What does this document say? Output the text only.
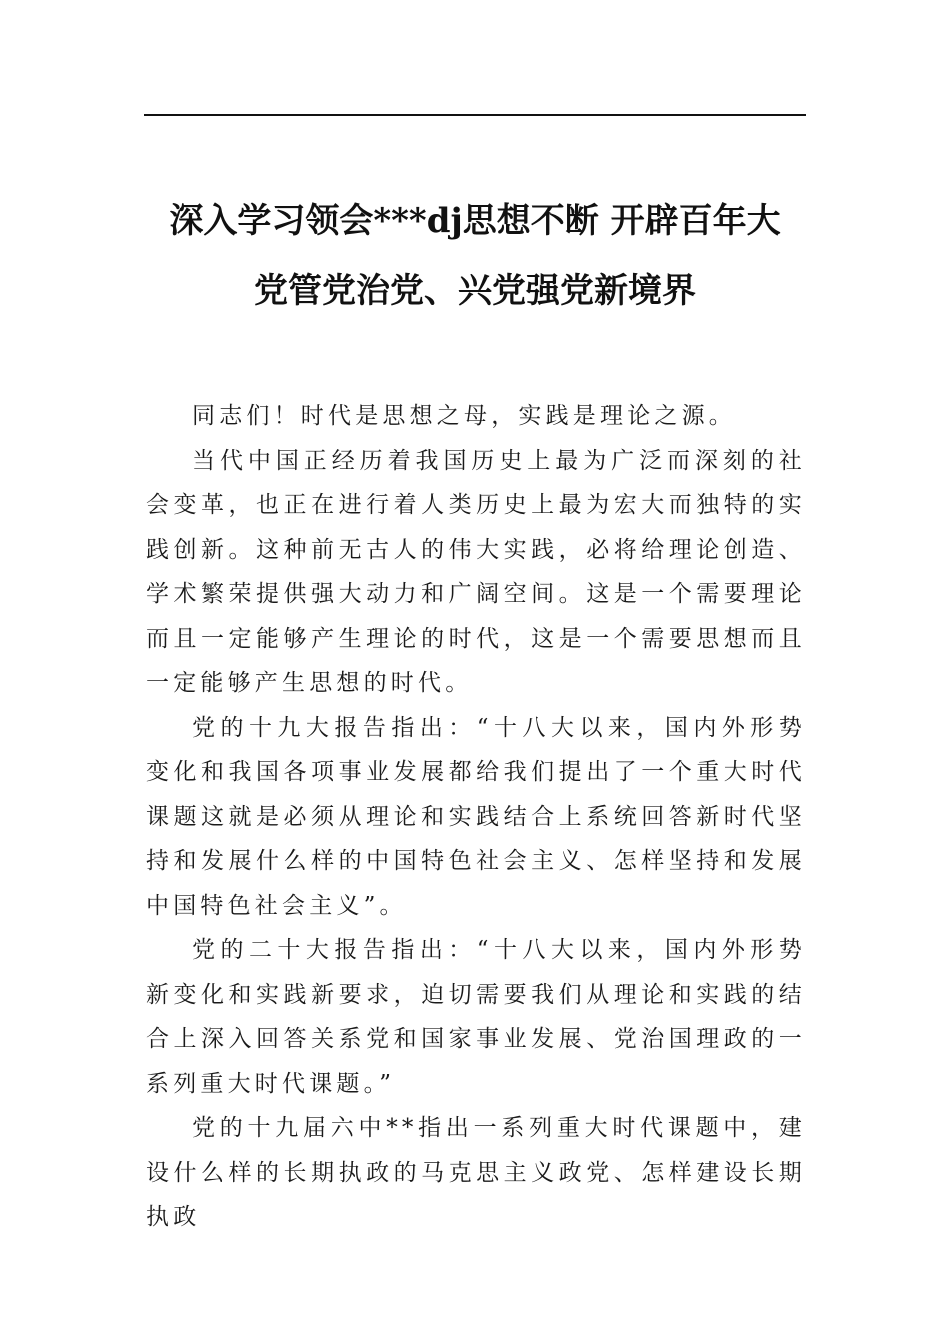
深入学习领会***dj思想不断 开辟百年大
党管党治党、兴党强党新境界

同志们！时代是思想之母，实践是理论之源。

当代中国正经历着我国历史上最为广泛而深刻的社会变革，也正在进行着人类历史上最为宏大而独特的实践创新。这种前无古人的伟大实践，必将给理论创造、学术繁荣提供强大动力和广阔空间。这是一个需要理论而且一定能够产生理论的时代，这是一个需要思想而且一定能够产生思想的时代。

党的十九大报告指出：“十八大以来，国内外形势变化和我国各项事业发展都给我们提出了一个重大时代课题这就是必须从理论和实践结合上系统回答新时代坚持和发展什么样的中国特色社会主义、怎样坚持和发展中国特色社会主义”。

党的二十大报告指出：“十八大以来，国内外形势新变化和实践新要求，迫切需要我们从理论和实践的结合上深入回答关系党和国家事业发展、党治国理政的一系列重大时代课题。”

党的十九届六中**指出一系列重大时代课题中，建设什么样的长期执政的马克思主义政党、怎样建设长期执政
